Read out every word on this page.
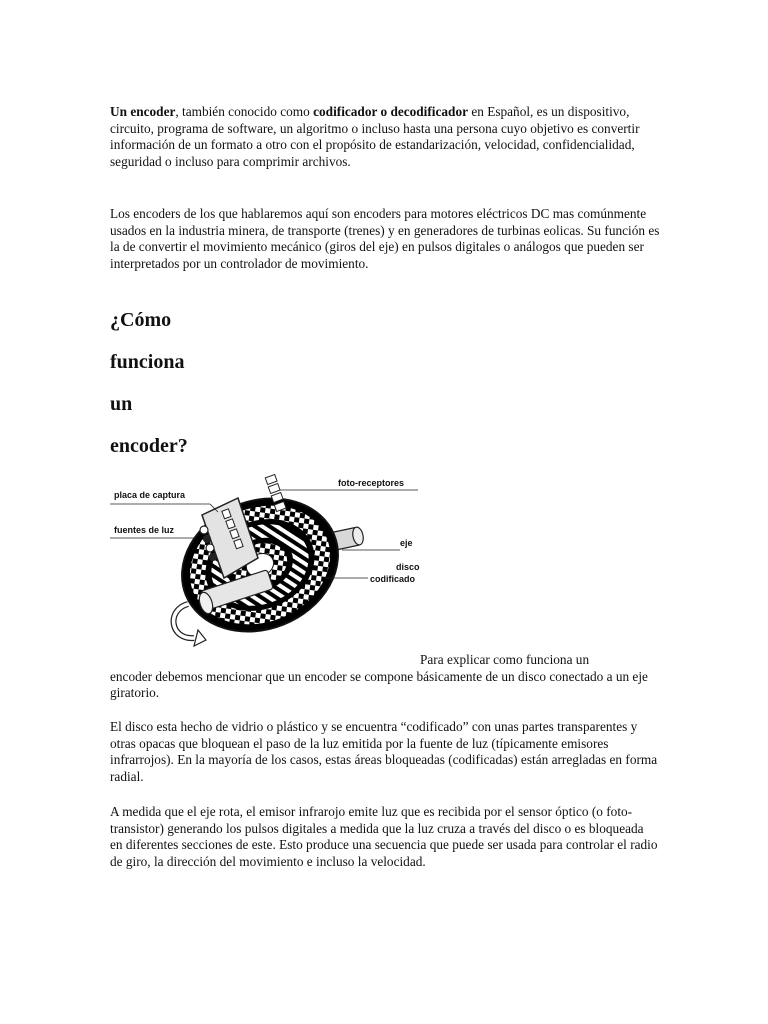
Un encoder, también conocido como codificador o decodificador en Español, es un dispositivo, circuito, programa de software, un algoritmo o incluso hasta una persona cuyo objetivo es convertir información de un formato a otro con el propósito de estandarización, velocidad, confidencialidad, seguridad o incluso para comprimir archivos.

Los encoders de los que hablaremos aquí son encoders para motores eléctricos DC mas comúnmente usados en la industria minera, de transporte (trenes) y en generadores de turbinas eolicas. Su función es la de convertir el movimiento mecánico (giros del eje) en pulsos digitales o análogos que pueden ser interpretados por un controlador de movimiento.

¿Cómo
funciona
un
encoder?
placa de captura
fuentes de luz
foto-receptores
eje
disco
codificado

Para explicar como funciona un
encoder debemos mencionar que un encoder se compone básicamente de un disco conectado a un eje giratorio.

El disco esta hecho de vidrio o plástico y se encuentra “codificado” con unas partes transparentes y otras opacas que bloquean el paso de la luz emitida por la fuente de luz (típicamente emisores infrarrojos). En la mayoría de los casos, estas áreas bloqueadas (codificadas) están arregladas en forma radial.

A medida que el eje rota, el emisor infrarojo emite luz que es recibida por el sensor óptico (o foto-transistor) generando los pulsos digitales a medida que la luz cruza a través del disco o es bloqueada en diferentes secciones de este. Esto produce una secuencia que puede ser usada para controlar el radio de giro, la dirección del movimiento e incluso la velocidad.
